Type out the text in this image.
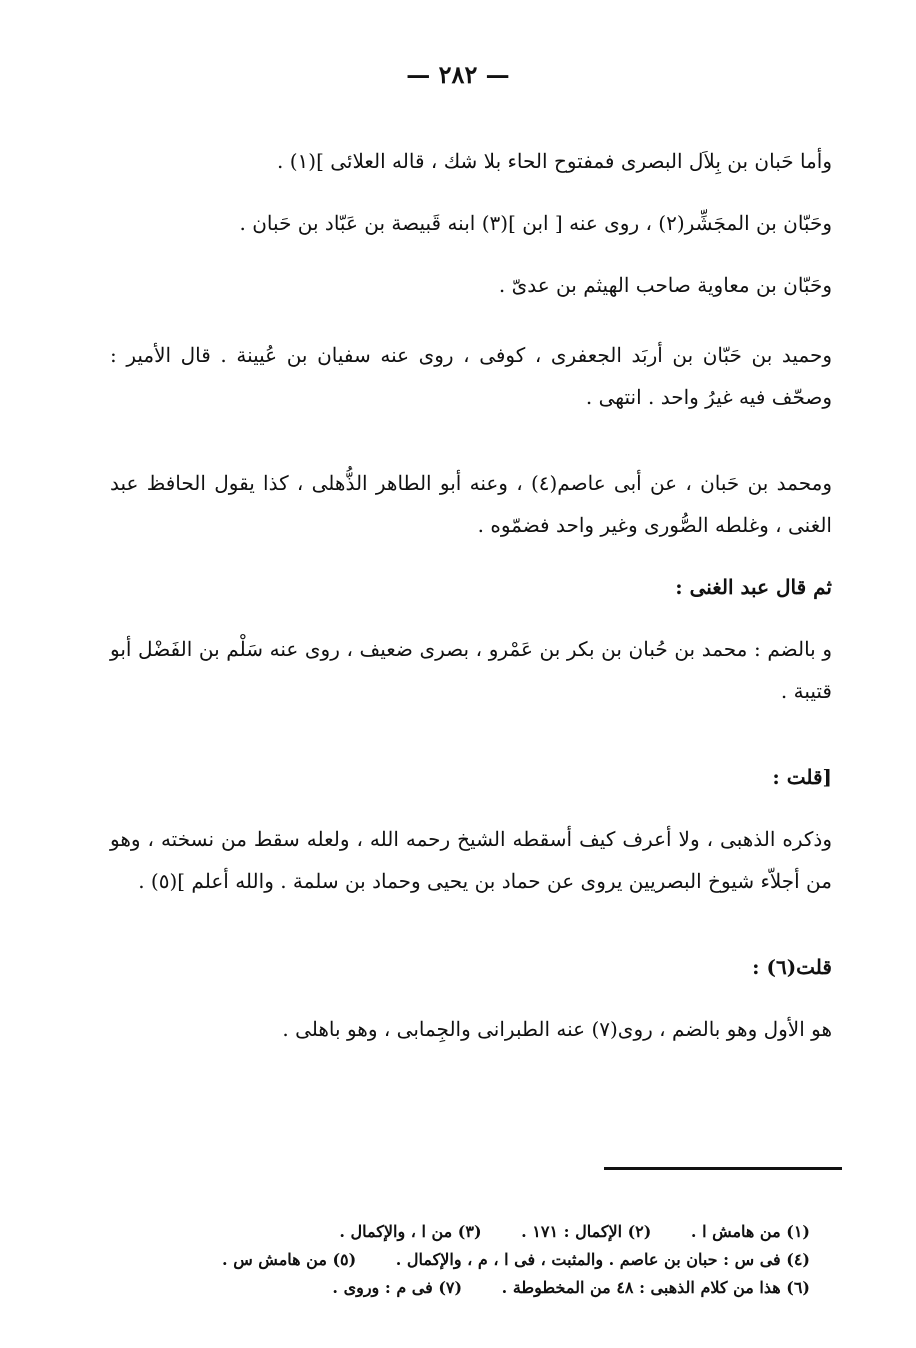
— ٢٨٢ —

وأما حَبان بن بِلاَل البصرى فمفتوح الحاء بلا شك ، قاله العلائى ](١) .

وحَبّان بن المجَشِّر(٢) ، روى عنه [ ابن ](٣) ابنه قَبيصة بن عَبّاد بن حَبان .

وحَبّان بن معاوية صاحب الهيثم بن عدىّ .

وحميد بن حَبّان بن أربَد الجعفرى ، كوفى ، روى عنه سفيان بن عُيينة . قال الأمير : وصحّف فيه غيرُ واحد . انتهى .

ومحمد بن حَبان ، عن أبى عاصم(٤) ، وعنه أبو الطاهر الذُّهلى ، كذا يقول الحافظ عبد الغنى ، وغلطه الصُّورى وغير واحد فضمّوه .

ثم قال عبد الغنى :

و بالضم : محمد بن حُبان بن بكر بن عَمْرو ، بصرى ضعيف ، روى عنه سَلْم بن الفَضْل أبو قتيبة .

[قلت :

وذكره الذهبى ، ولا أعرف كيف أسقطه الشيخ رحمه الله ، ولعله سقط من نسخته ، وهو من أجلاّء شيوخ البصريين يروى عن حماد بن يحيى وحماد بن سلمة . والله أعلم ](٥) .

قلت(٦) :

هو الأول وهو بالضم ، روى(٧) عنه الطبرانى والجِمابى ، وهو باهلى .

(١) من هامش ا . (٢) الإكمال : ١٧١ . (٣) من ا ، والإكمال .
(٤) فى س : حبان بن عاصم . والمثبت ، فى ا ، م ، والإكمال . (٥) من هامش س .
(٦) هذا من كلام الذهبى : ٤٨ من المخطوطة . (٧) فى م : وروى .
